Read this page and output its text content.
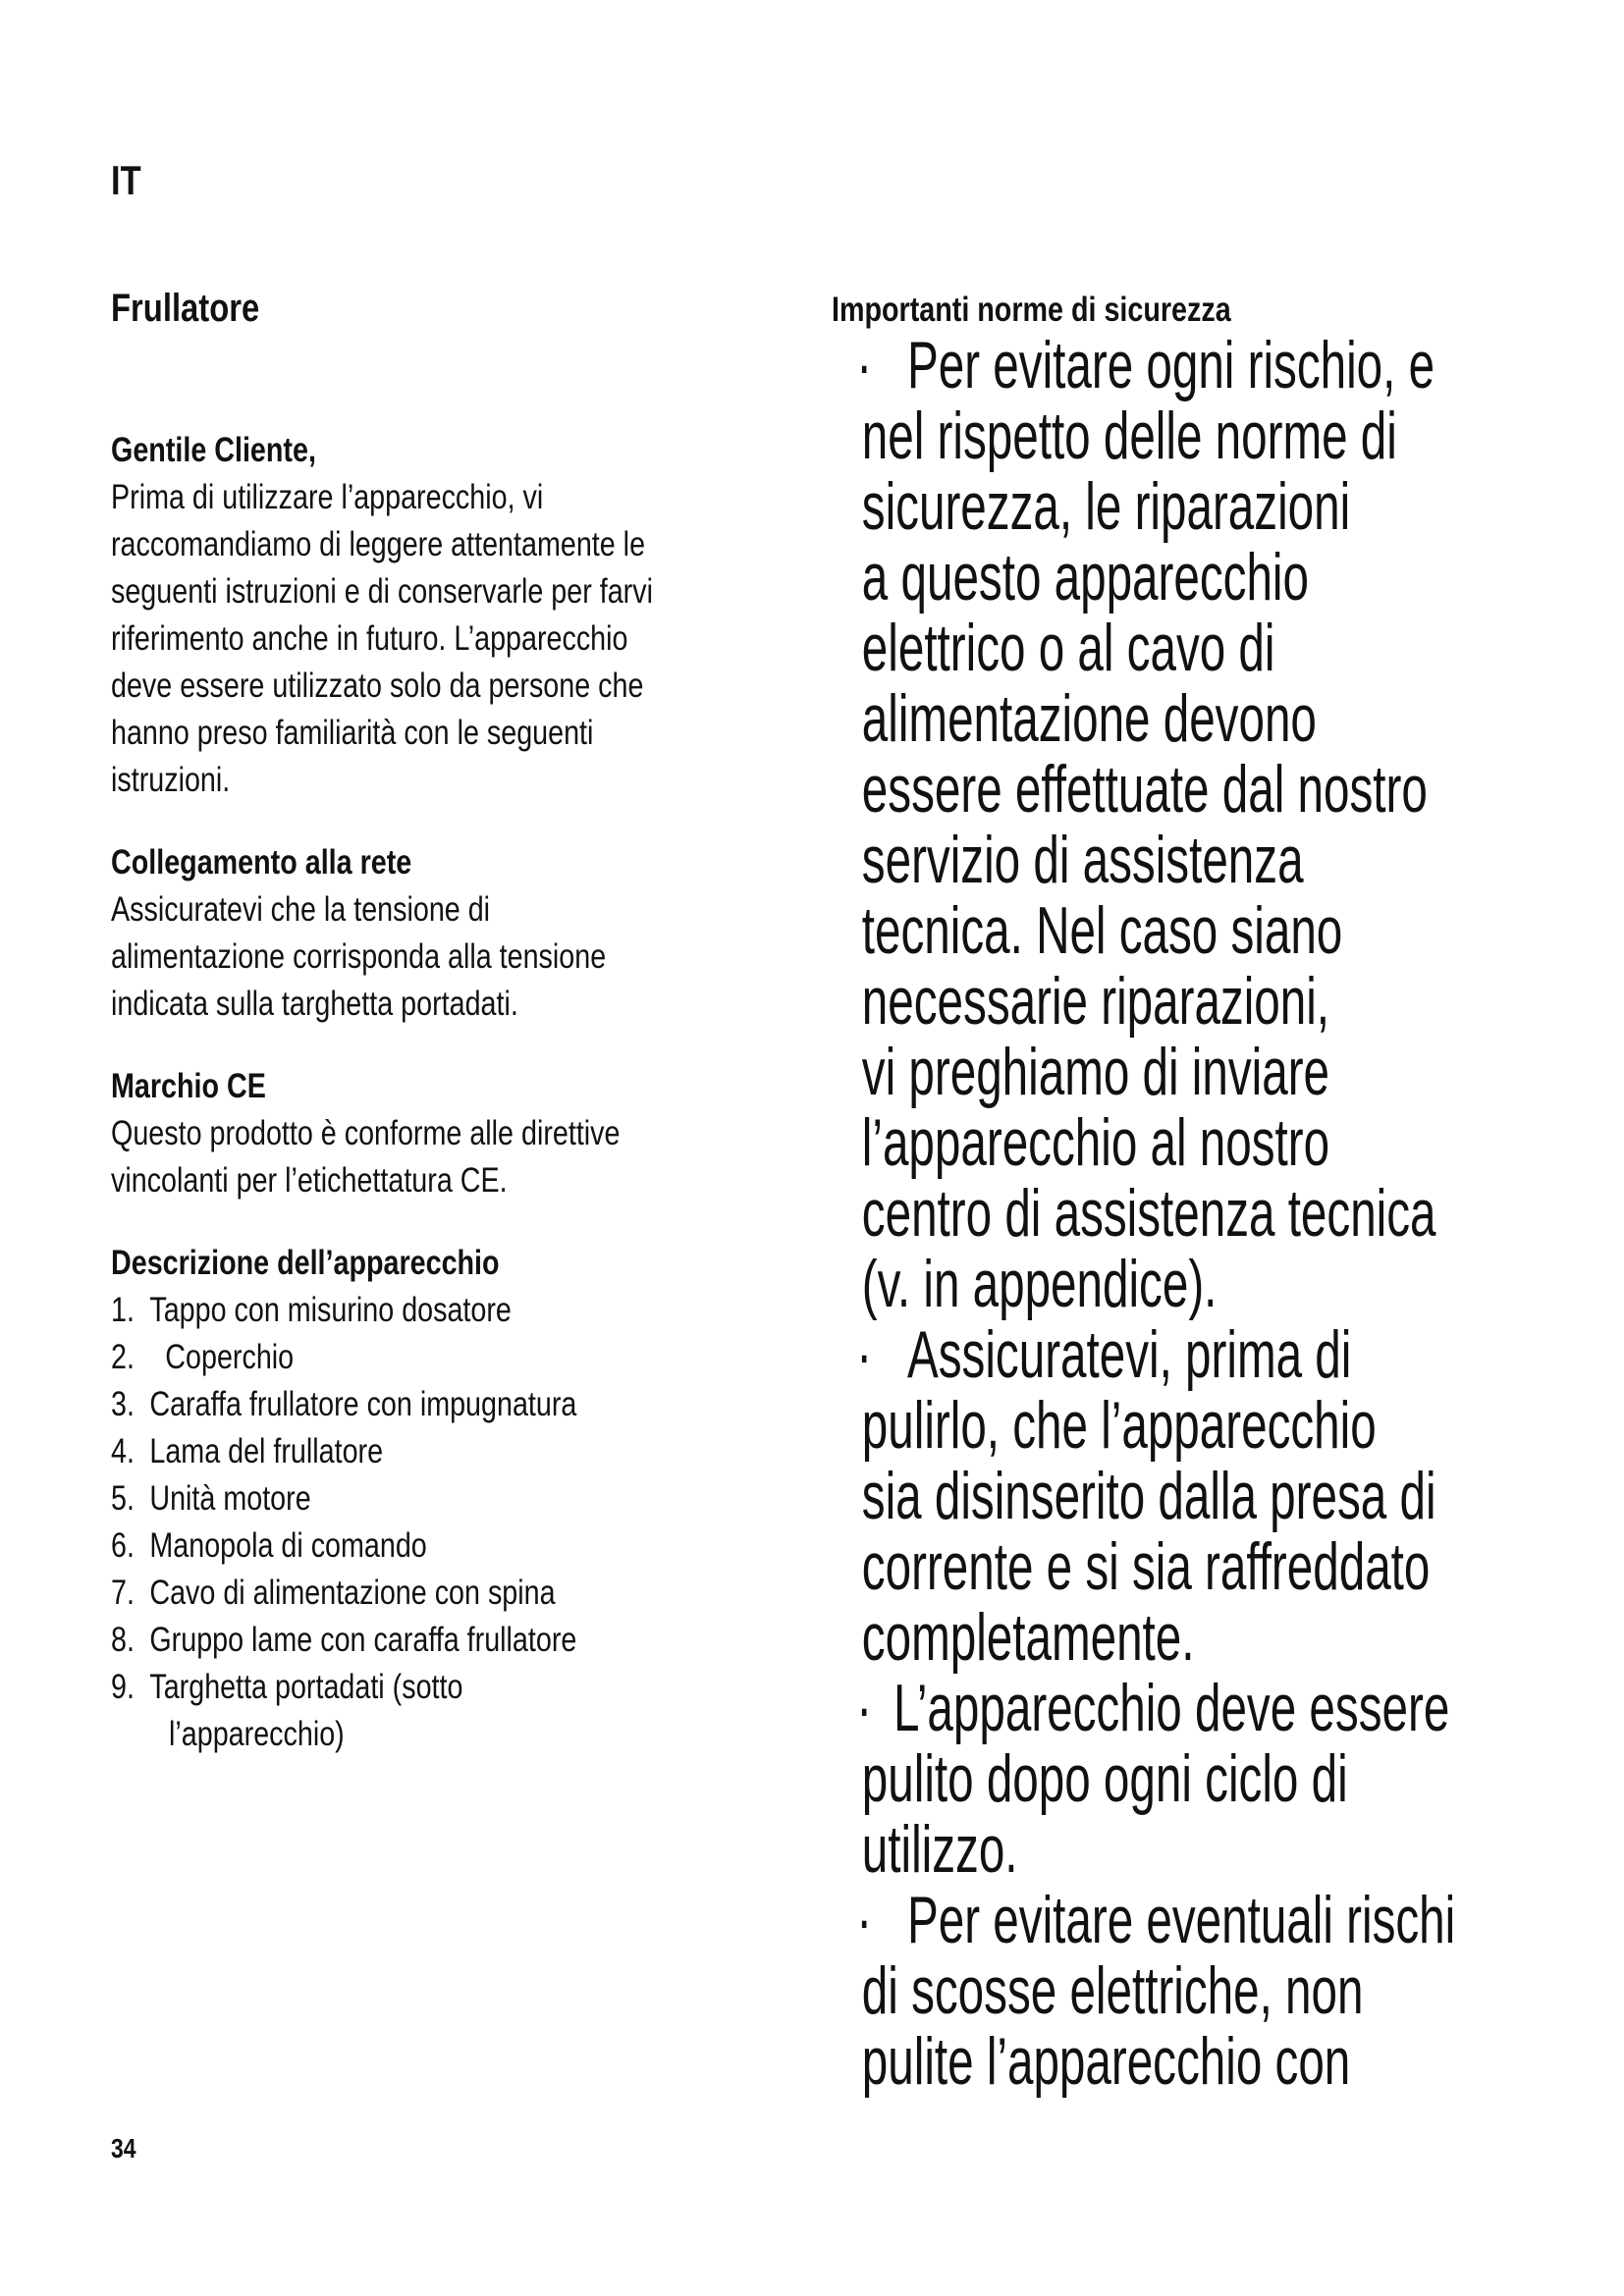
IT

Frullatore

Gentile Cliente,

Prima di utilizzare l’apparecchio, vi

raccomandiamo di leggere attentamente le

seguenti istruzioni e di conservarle per farvi

riferimento anche in futuro. L’apparecchio

deve essere utilizzato solo da persone che

hanno preso familiarità con le seguenti

istruzioni.

Collegamento alla rete

Assicuratevi che la tensione di

alimentazione corrisponda alla tensione

indicata sulla targhetta portadati.

Marchio CE

Questo prodotto è conforme alle direttive

vincolanti per l’etichettatura CE.

Descrizione dell’apparecchio

1. Tappo con misurino dosatore
2.  Coperchio
3. Caraffa frullatore con impugnatura
4. Lama del frullatore
5. Unità motore
6. Manopola di comando
7. Cavo di alimentazione con spina
8. Gruppo lame con caraffa frullatore
9. Targhetta portadati (sotto
l’apparecchio)

Importanti norme di sicurezza

· Per evitare ogni rischio, e
nel rispetto delle norme di
sicurezza, le riparazioni
a questo apparecchio
elettrico o al cavo di
alimentazione devono
essere effettuate dal nostro
servizio di assistenza
tecnica. Nel caso siano
necessarie riparazioni,
vi preghiamo di inviare
l’apparecchio al nostro
centro di assistenza tecnica
(v. in appendice).
· Assicuratevi, prima di
pulirlo, che l’apparecchio
sia disinserito dalla presa di
corrente e si sia raffreddato
completamente.
· L’apparecchio deve essere
pulito dopo ogni ciclo di
utilizzo.
· Per evitare eventuali rischi
di scosse elettriche, non
pulite l’apparecchio con

34
